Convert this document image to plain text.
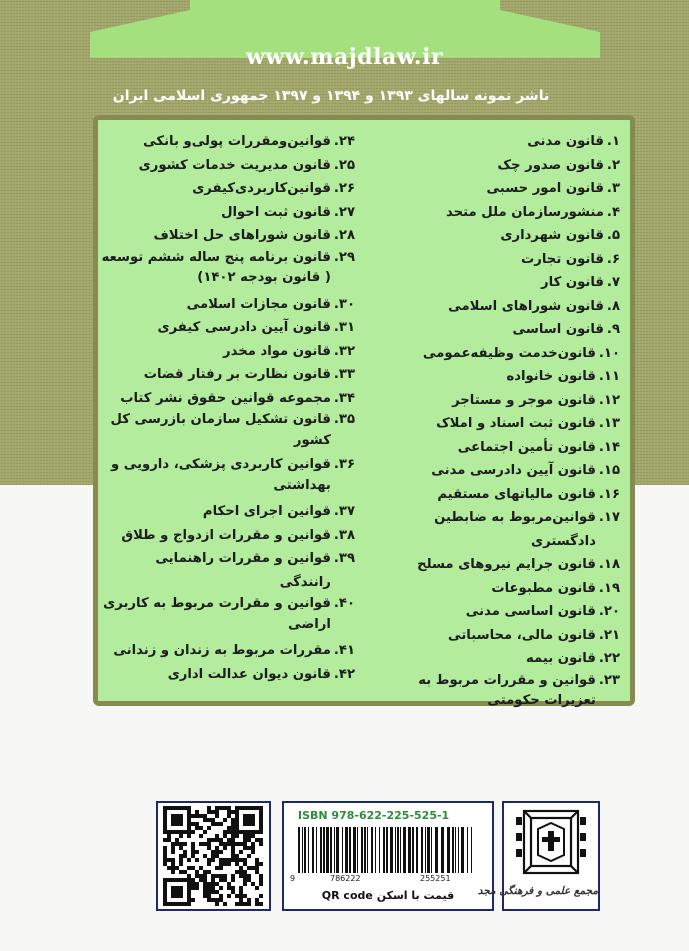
www.majdlaw.ir
ناشر نمونه سالهای ۱۳۹۳ و ۱۳۹۴ و ۱۳۹۷ جمهوری اسلامی ایران
۱.
قانون مدنی
۲.
قانون صدور چک
۳.
قانون امور حسبی
۴.
منشورسازمان ملل متحد
۵.
قانون شهرداری
۶.
قانون تجارت
۷.
قانون کار
۸.
قانون شوراهای اسلامی
۹.
قانون اساسی
۱۰.
قانون‌خدمت وظیفه‌عمومی
۱۱.
قانون خانواده
۱۲.
قانون موجر و مستاجر
۱۳.
قانون ثبت اسناد و املاک
۱۴.
قانون تأمین اجتماعی
۱۵.
قانون آیین دادرسی مدنی
۱۶.
قانون مالیاتهای مستقیم
۱۷.
قوانین‌مربوط به ضابطین دادگستری
۱۸.
قانون جرایم نیروهای مسلح
۱۹.
قانون مطبوعات
۲۰.
قانون اساسی مدنی
۲۱.
قانون مالی، محاسباتی
۲۲.
قانون بیمه
۲۳.
قوانین و مقررات مربوط به تعزیرات حکومتی
۲۴.
قوانین‌ومقررات پولی‌و بانکی
۲۵.
قانون مدیریت خدمات کشوری
۲۶.
قوانین‌کاربردی‌کیفری
۲۷.
قانون ثبت احوال
۲۸.
قانون شوراهای حل اختلاف
۲۹.
قانون برنامه پنج ساله ششم توسعه ( قانون بودجه ۱۴۰۲)
۳۰.
قانون مجازات اسلامی
۳۱.
قانون آیین دادرسی کیفری
۳۲.
قانون مواد مخدر
۳۳.
قانون نظارت بر رفتار قضات
۳۴.
مجموعه قوانین حقوق نشر کتاب
۳۵.
قانون تشکیل سازمان بازرسی کل کشور
۳۶.
قوانین کاربردی پزشکی، دارویی و بهداشتی
۳۷.
قوانین اجرای احکام
۳۸.
قوانین و مقررات ازدواج و طلاق
۳۹.
قوانین و مقررات راهنمایی رانندگی
۴۰.
قوانین و مقرارت مربوط به کاربری اراضی
۴۱.
مقررات مربوط به زندان و زندانی
۴۲.
قانون دیوان عدالت اداری
ISBN 978-622-225-525-1
9	786222	255251
قیمت با اسکن QR code	مجمع علمی و فرهنگی مجد
